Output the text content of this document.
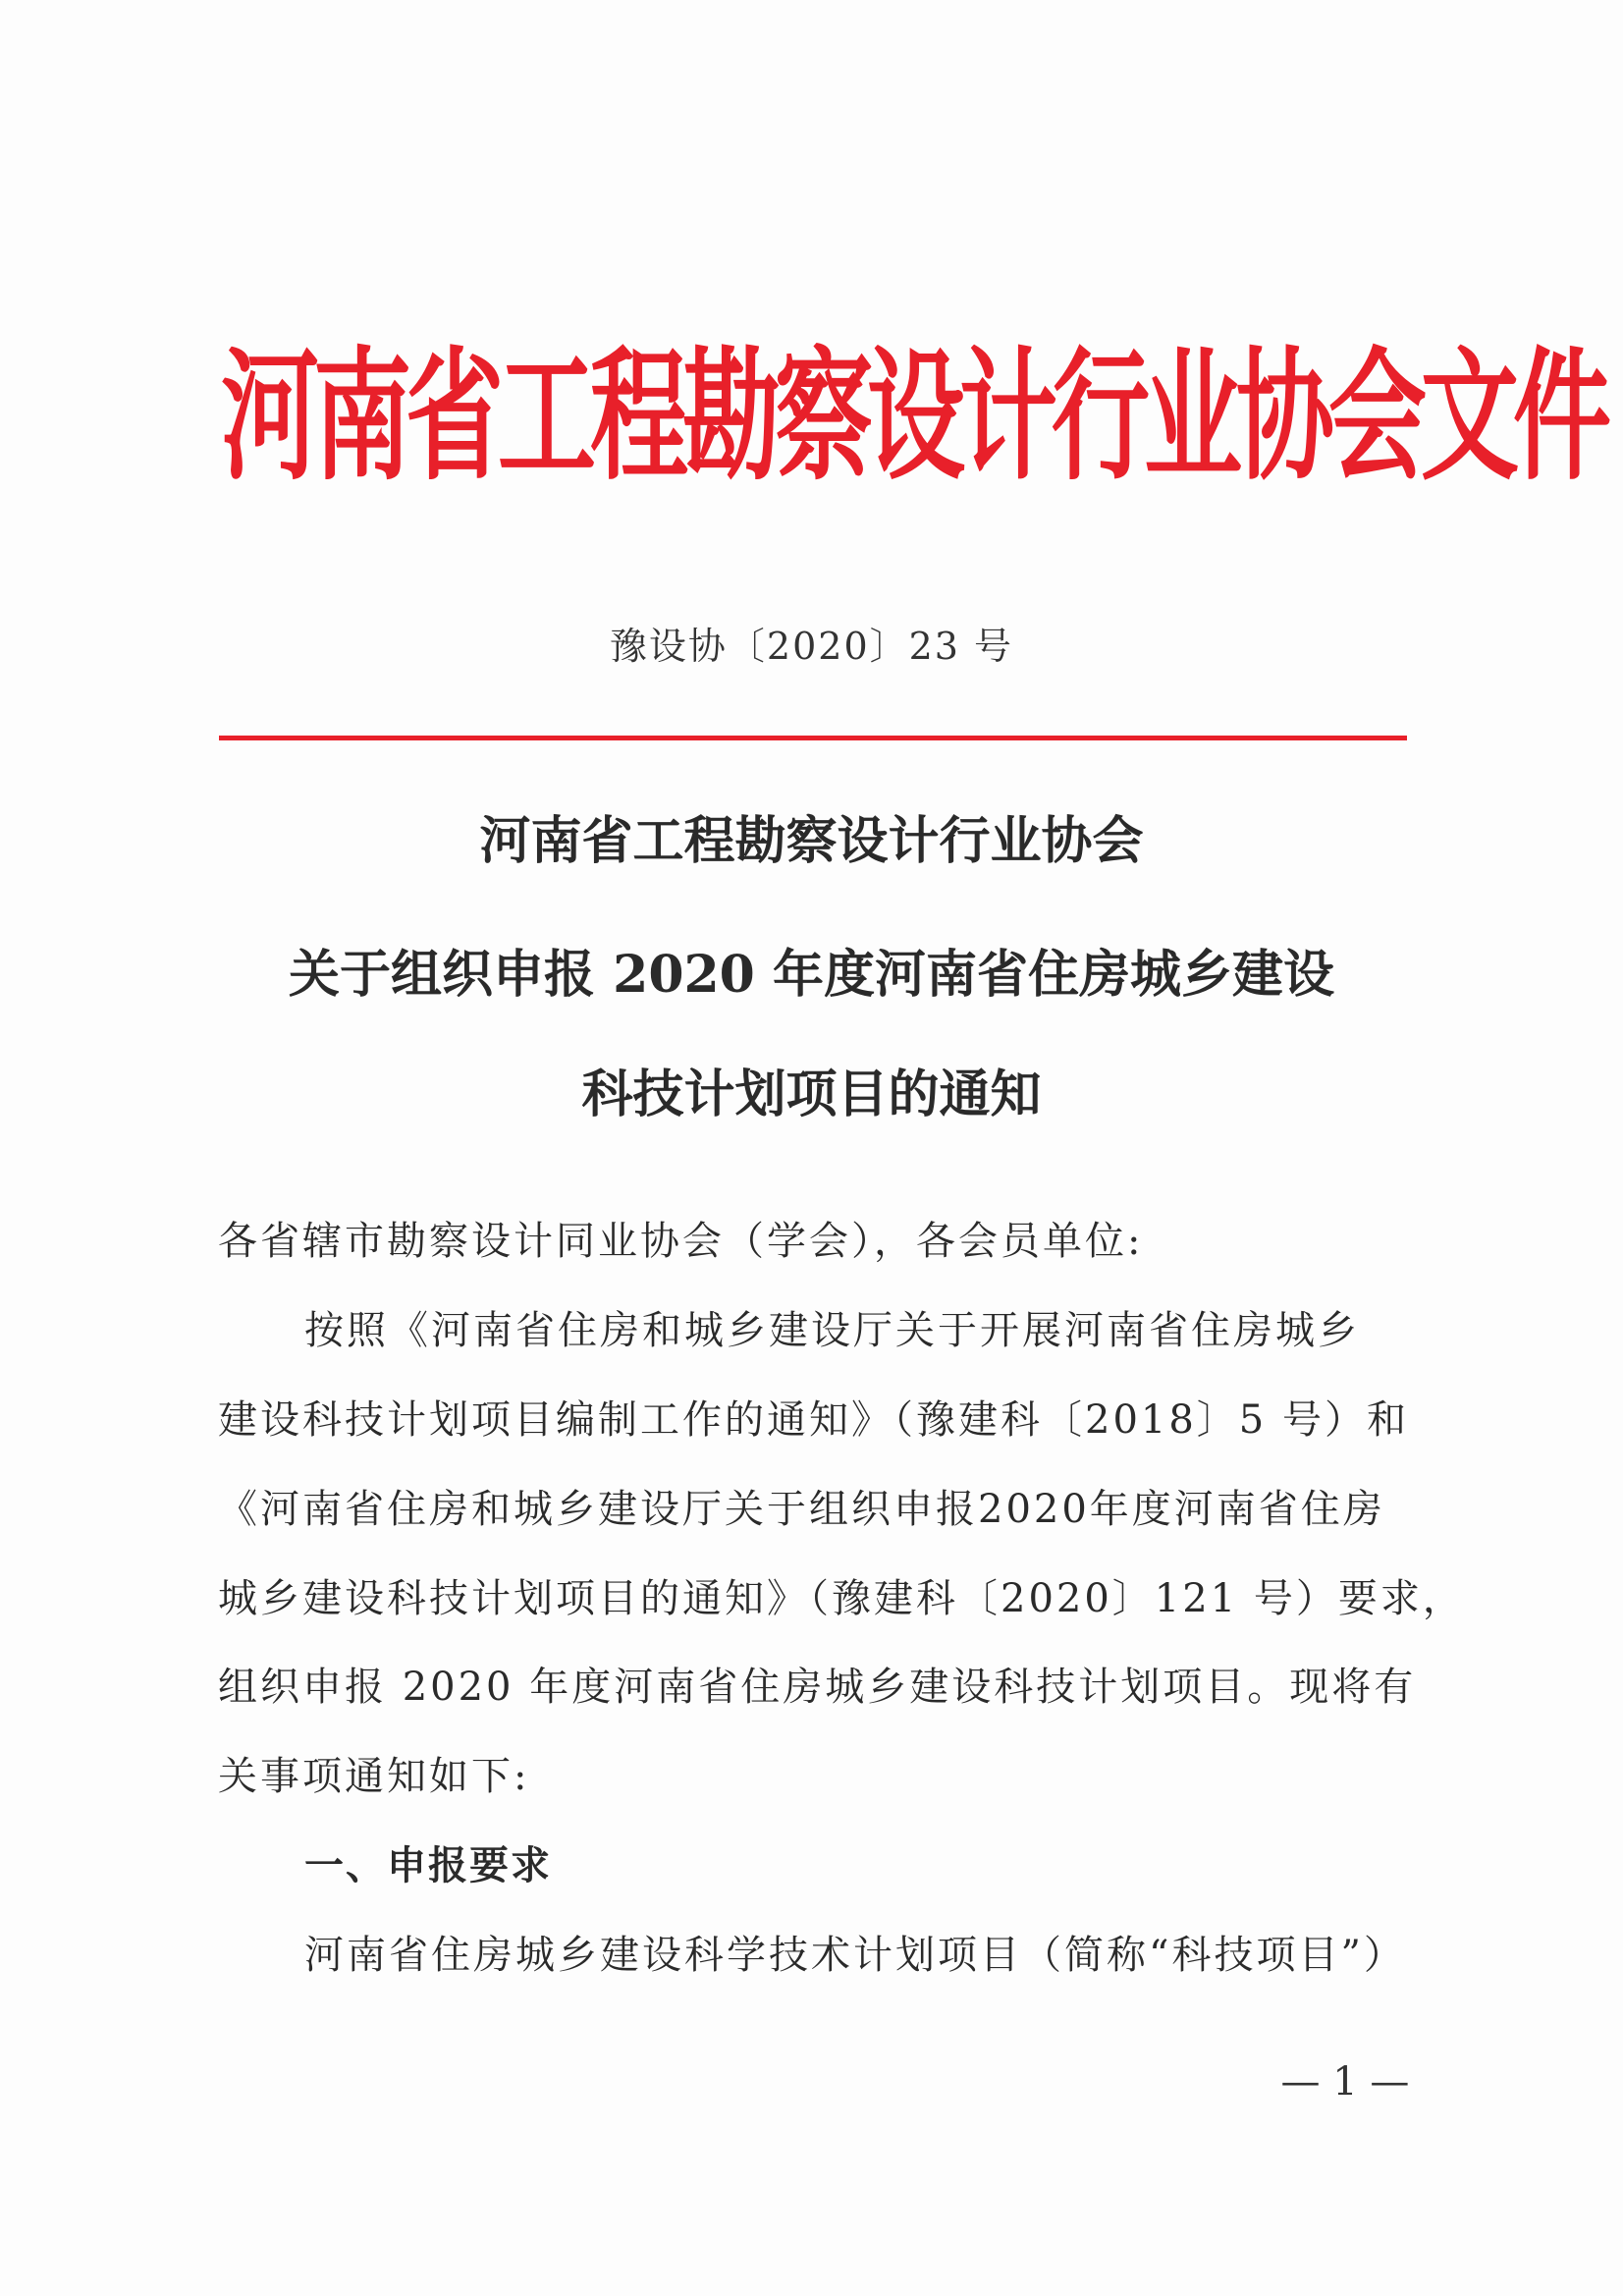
河南省工程勘察设计行业协会文件
豫设协〔2020〕23 号
河南省工程勘察设计行业协会
关于组织申报 2020 年度河南省住房城乡建设
科技计划项目的通知
各省辖市勘察设计同业协会（学会），各会员单位:
按照《河南省住房和城乡建设厅关于开展河南省住房城乡
建设科技计划项目编制工作的通知》（豫建科〔2018〕5 号）和
《河南省住房和城乡建设厅关于组织申报2020年度河南省住房
城乡建设科技计划项目的通知》（豫建科〔2020〕121 号）要求，
组织申报 2020 年度河南省住房城乡建设科技计划项目。现将有
关事项通知如下:
一、申报要求
河南省住房城乡建设科学技术计划项目（简称“科技项目”）
— 1 —
